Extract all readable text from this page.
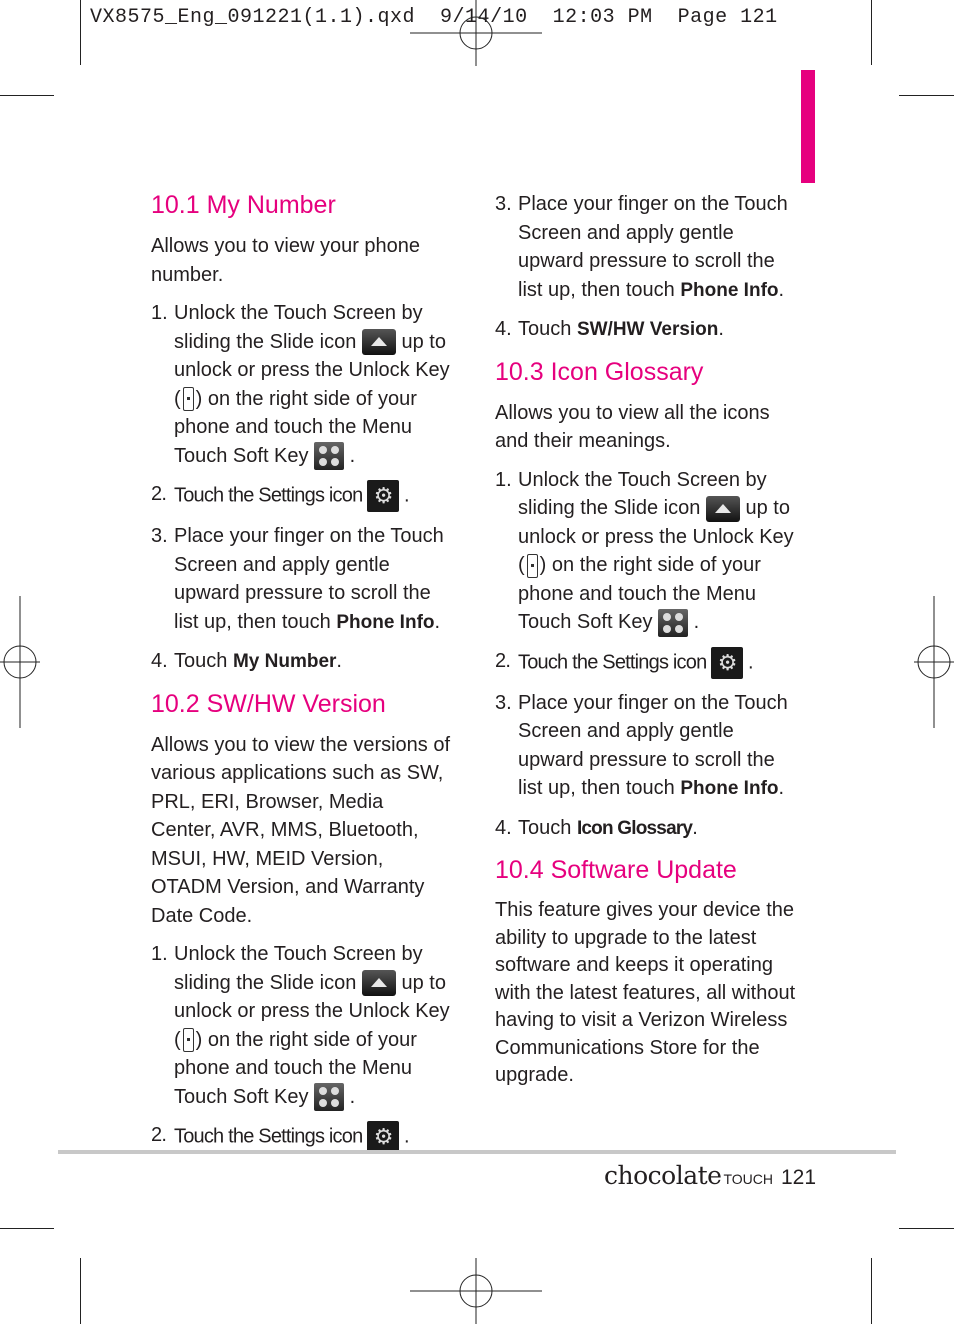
VX8575_Eng_091221(1.1).qxd  9/14/10  12:03 PM  Page 121
10.1 My Number

Allows you to view your phone number.

1. Unlock the Touch Screen by sliding the Slide icon up to unlock or press the Unlock Key ( ) on the right side of your phone and touch the Menu Touch Soft Key .
2. Touch the Settings icon ⚙ .
3. Place your finger on the Touch Screen and apply gentle upward pressure to scroll the list up, then touch Phone Info.
4. Touch My Number.
10.2 SW/HW Version

Allows you to view the versions of various applications such as SW, PRL, ERI, Browser, Media Center, AVR, MMS, Bluetooth, MSUI, HW, MEID Version, OTADM Version, and Warranty Date Code.

1. Unlock the Touch Screen by sliding the Slide icon up to unlock or press the Unlock Key ( ) on the right side of your phone and touch the Menu Touch Soft Key .
2. Touch the Settings icon ⚙ .
3. Place your finger on the Touch Screen and apply gentle upward pressure to scroll the list up, then touch Phone Info.
4. Touch SW/HW Version.
10.3 Icon Glossary

Allows you to view all the icons and their meanings.

1. Unlock the Touch Screen by sliding the Slide icon up to unlock or press the Unlock Key ( ) on the right side of your phone and touch the Menu Touch Soft Key .
2. Touch the Settings icon ⚙ .
3. Place your finger on the Touch Screen and apply gentle upward pressure to scroll the list up, then touch Phone Info.
4. Touch Icon Glossary.
10.4 Software Update

This feature gives your device the ability to upgrade to the latest software and keeps it operating with the latest features, all without having to visit a Verizon Wireless Communications Store for the upgrade.

chocolate TOUCH 121
